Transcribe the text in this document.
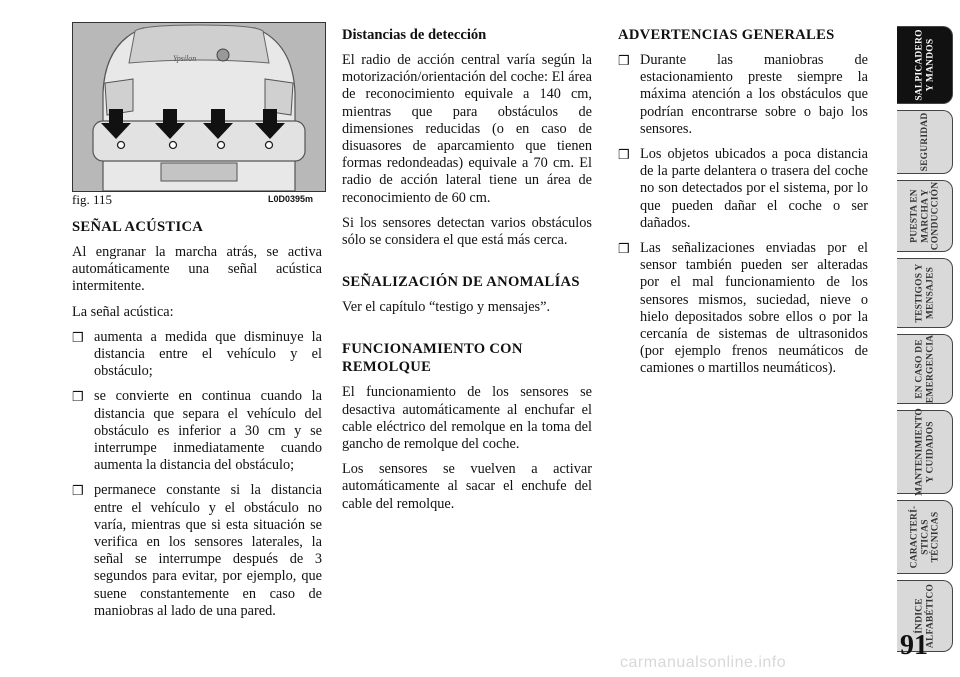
Ypsilon
fig. 115	L0D0395m

SEÑAL ACÚSTICA

Al engranar la marcha atrás, se activa automáticamente una señal acústica intermitente.

La señal acústica:

❒ aumenta a medida que disminuye la distancia entre el vehículo y el obstáculo;
❒ se convierte en continua cuando la distancia que separa el vehículo del obstáculo es inferior a 30 cm y se interrumpe inmediatamente cuando aumenta la distancia del obstáculo;
❒ permanece constante si la distancia entre el vehículo y el obstáculo no varía, mientras que si esta situación se verifica en los sensores laterales, la señal se interrumpe después de 3 segundos para evitar, por ejemplo, que suene constantemente en caso de maniobras al lado de una pared.

Distancias de detección

El radio de acción central varía según la motorización/orientación del coche: El área de reconocimiento equivale a 140 cm, mientras que para obstáculos de dimensiones reducidas (o en caso de disuasores de aparcamiento que tienen formas redondeadas) equivale a 70 cm. El radio de acción lateral tiene un área de reconocimiento de 60 cm.

Si los sensores detectan varios obstáculos sólo se considera el que está más cerca.

SEÑALIZACIÓN DE ANOMALÍAS

Ver el capítulo “testigo y mensajes”.

FUNCIONAMIENTO CON REMOLQUE

El funcionamiento de los sensores se desactiva automáticamente al enchufar el cable eléctrico del remolque en la toma del gancho de remolque del coche.

Los sensores se vuelven a activar automáticamente al sacar el enchufe del cable del remolque.

ADVERTENCIAS GENERALES

❒ Durante las maniobras de estacionamiento preste siempre la máxima atención a los obstáculos que podrían encontrarse sobre o bajo los sensores.
❒ Los objetos ubicados a poca distancia de la parte delantera o trasera del coche no son detectados por el sistema, por lo que pueden dañar el coche o ser dañados.
❒ Las señalizaciones enviadas por el sensor también pueden ser alteradas por el mal funcionamiento de los sensores mismos, suciedad, nieve o hielo depositados sobre ellos o por la cercanía de sistemas de ultrasonidos (por ejemplo frenos neumáticos de camiones o martillos neumáticos).
SALPICADERO
Y MANDOS
SEGURIDAD
PUESTA EN
MARCHA Y
CONDUCCIÓN
TESTIGOS Y
MENSAJES
EN CASO DE
EMERGENCIA
MANTENIMIENTO
Y CUIDADOS
CARACTERÍ-
STICAS
TÉCNICAS
ÍNDICE
ALFABÉTICO
91
carmanualsonline.info
